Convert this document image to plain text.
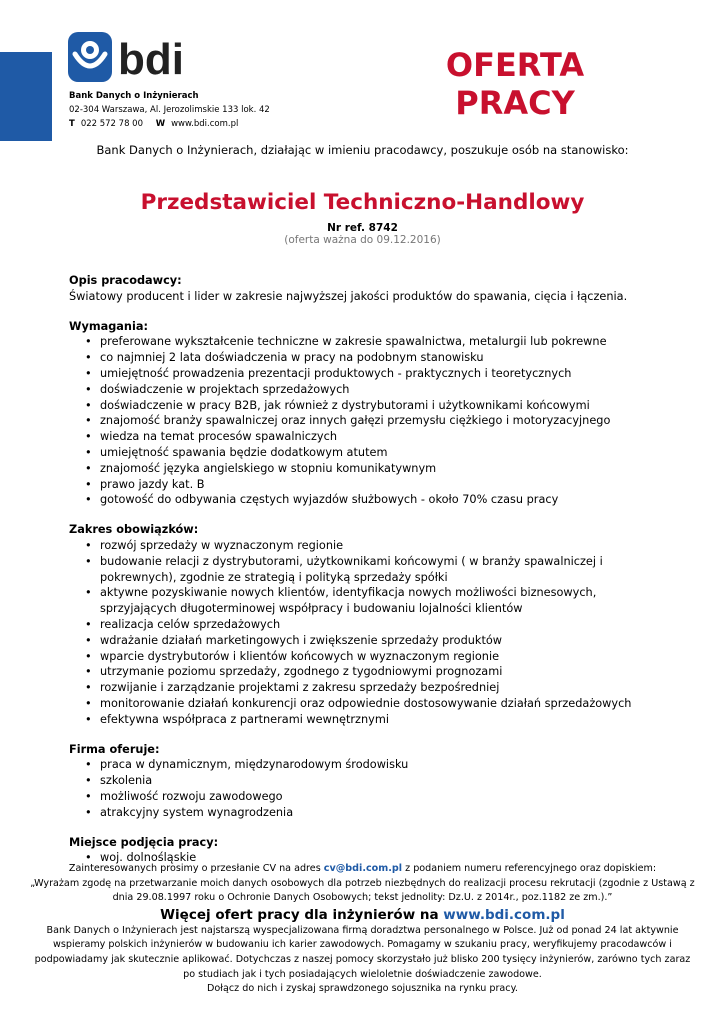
bdi
Bank Danych o Inżynierach
02-304 Warszawa, Al. Jerozolimskie 133 lok. 42
T 022 572 78 00 W www.bdi.com.pl
OFERTA
PRACY
Bank Danych o Inżynierach, działając w imieniu pracodawcy, poszukuje osób na stanowisko:
Przedstawiciel Techniczno-Handlowy
Nr ref. 8742
(oferta ważna do 09.12.2016)
Opis pracodawcy:

Światowy producent i lider w zakresie najwyższej jakości produktów do spawania, cięcia i łączenia.

Wymagania:
• preferowane wykształcenie techniczne w zakresie spawalnictwa, metalurgii lub pokrewne
• co najmniej 2 lata doświadczenia w pracy na podobnym stanowisku
• umiejętność prowadzenia prezentacji produktowych - praktycznych i teoretycznych
• doświadczenie w projektach sprzedażowych
• doświadczenie w pracy B2B, jak również z dystrybutorami i użytkownikami końcowymi
• znajomość branży spawalniczej oraz innych gałęzi przemysłu ciężkiego i motoryzacyjnego
• wiedza na temat procesów spawalniczych
• umiejętność spawania będzie dodatkowym atutem
• znajomość języka angielskiego w stopniu komunikatywnym
• prawo jazdy kat. B
• gotowość do odbywania częstych wyjazdów służbowych - około 70% czasu pracy
Zakres obowiązków:
• rozwój sprzedaży w wyznaczonym regionie
• budowanie relacji z dystrybutorami, użytkownikami końcowymi ( w branży spawalniczej i pokrewnych), zgodnie ze strategią i polityką sprzedaży spółki
• aktywne pozyskiwanie nowych klientów, identyfikacja nowych możliwości biznesowych, sprzyjających długoterminowej współpracy i budowaniu lojalności klientów
• realizacja celów sprzedażowych
• wdrażanie działań marketingowych i zwiększenie sprzedaży produktów
• wparcie dystrybutorów i klientów końcowych w wyznaczonym regionie
• utrzymanie poziomu sprzedaży, zgodnego z tygodniowymi prognozami
• rozwijanie i zarządzanie projektami z zakresu sprzedaży bezpośredniej
• monitorowanie działań konkurencji oraz odpowiednie dostosowywanie działań sprzedażowych
• efektywna współpraca z partnerami wewnętrznymi
Firma oferuje:
• praca w dynamicznym, międzynarodowym środowisku
• szkolenia
• możliwość rozwoju zawodowego
• atrakcyjny system wynagrodzenia
Miejsce podjęcia pracy:
• woj. dolnośląskie

Zainteresowanych prosimy o przesłanie CV na adres cv@bdi.com.pl z podaniem numeru referencyjnego oraz dopiskiem:

„Wyrażam zgodę na przetwarzanie moich danych osobowych dla potrzeb niezbędnych do realizacji procesu rekrutacji (zgodnie z Ustawą z dnia 29.08.1997 roku o Ochronie Danych Osobowych; tekst jednolity: Dz.U. z 2014r., poz.1182 ze zm.).”

Więcej ofert pracy dla inżynierów na www.bdi.com.pl

Bank Danych o Inżynierach jest najstarszą wyspecjalizowana firmą doradztwa personalnego w Polsce. Już od ponad 24 lat aktywnie wspieramy polskich inżynierów w budowaniu ich karier zawodowych. Pomagamy w szukaniu pracy, weryfikujemy pracodawców i podpowiadamy jak skutecznie aplikować. Dotychczas z naszej pomocy skorzystało już blisko 200 tysięcy inżynierów, zarówno tych zaraz po studiach jak i tych posiadających wieloletnie doświadczenie zawodowe.

Dołącz do nich i zyskaj sprawdzonego sojusznika na rynku pracy.
